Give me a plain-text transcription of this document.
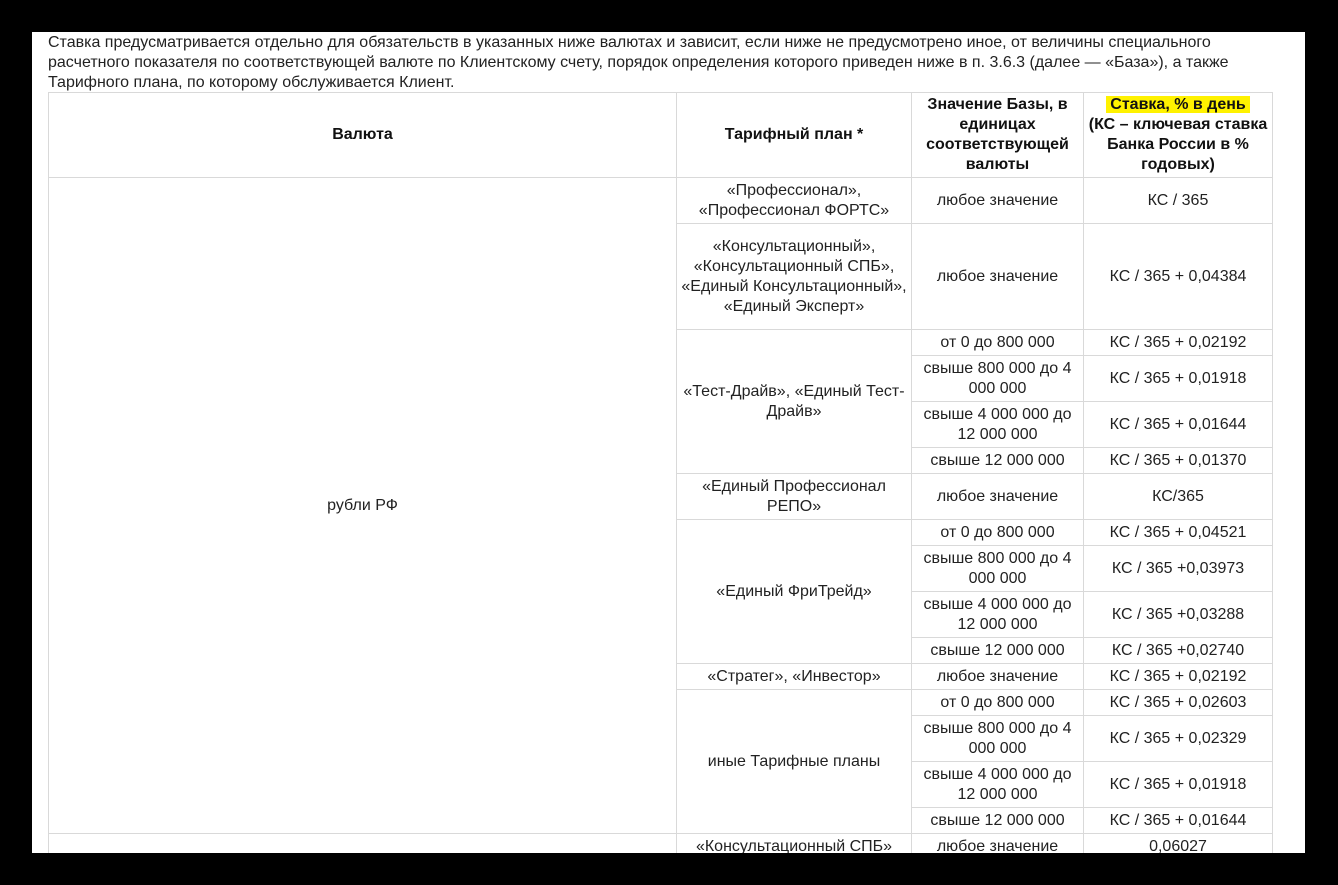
Ставка предусматривается отдельно для обязательств в указанных ниже валютах и зависит, если ниже не предусмотрено иное, от величины специального расчетного показателя по соответствующей валюте по Клиентскому счету, порядок определения которого приведен ниже в п. 3.6.3 (далее — «База»), а также Тарифного плана, по которому обслуживается Клиент.

Валюта	Тарифный план *	Значение Базы, в единицах соответствующей валюты	Ставка, % в день
(КС – ключевая ставка Банка России в % годовых)
рубли РФ	«Профессионал», «Профессионал ФОРТС»	любое значение	КС / 365
	«Консультационный», «Консультационный СПБ», «Единый Консультационный», «Единый Эксперт»	любое значение	КС / 365 + 0,04384
	«Тест-Драйв», «Единый Тест-Драйв»	от 0 до 800 000	КС / 365 + 0,02192
		свыше 800 000 до 4 000 000	КС / 365 + 0,01918
		свыше 4 000 000 до 12 000 000	КС / 365 + 0,01644
		свыше 12 000 000	КС / 365 + 0,01370
	«Единый Профессионал РЕПО»	любое значение	КС/365
	«Единый ФриТрейд»	от 0 до 800 000	КС / 365 + 0,04521
		свыше 800 000 до 4 000 000	КС / 365 +0,03973
		свыше 4 000 000 до 12 000 000	КС / 365 +0,03288
		свыше 12 000 000	КС / 365 +0,02740
	«Стратег», «Инвестор»	любое значение	КС / 365 + 0,02192
	иные Тарифные планы	от 0 до 800 000	КС / 365 + 0,02603
		свыше 800 000 до 4 000 000	КС / 365 + 0,02329
		свыше 4 000 000 до 12 000 000	КС / 365 + 0,01918
		свыше 12 000 000	КС / 365 + 0,01644
	«Консультационный СПБ»	любое значение	0,06027
